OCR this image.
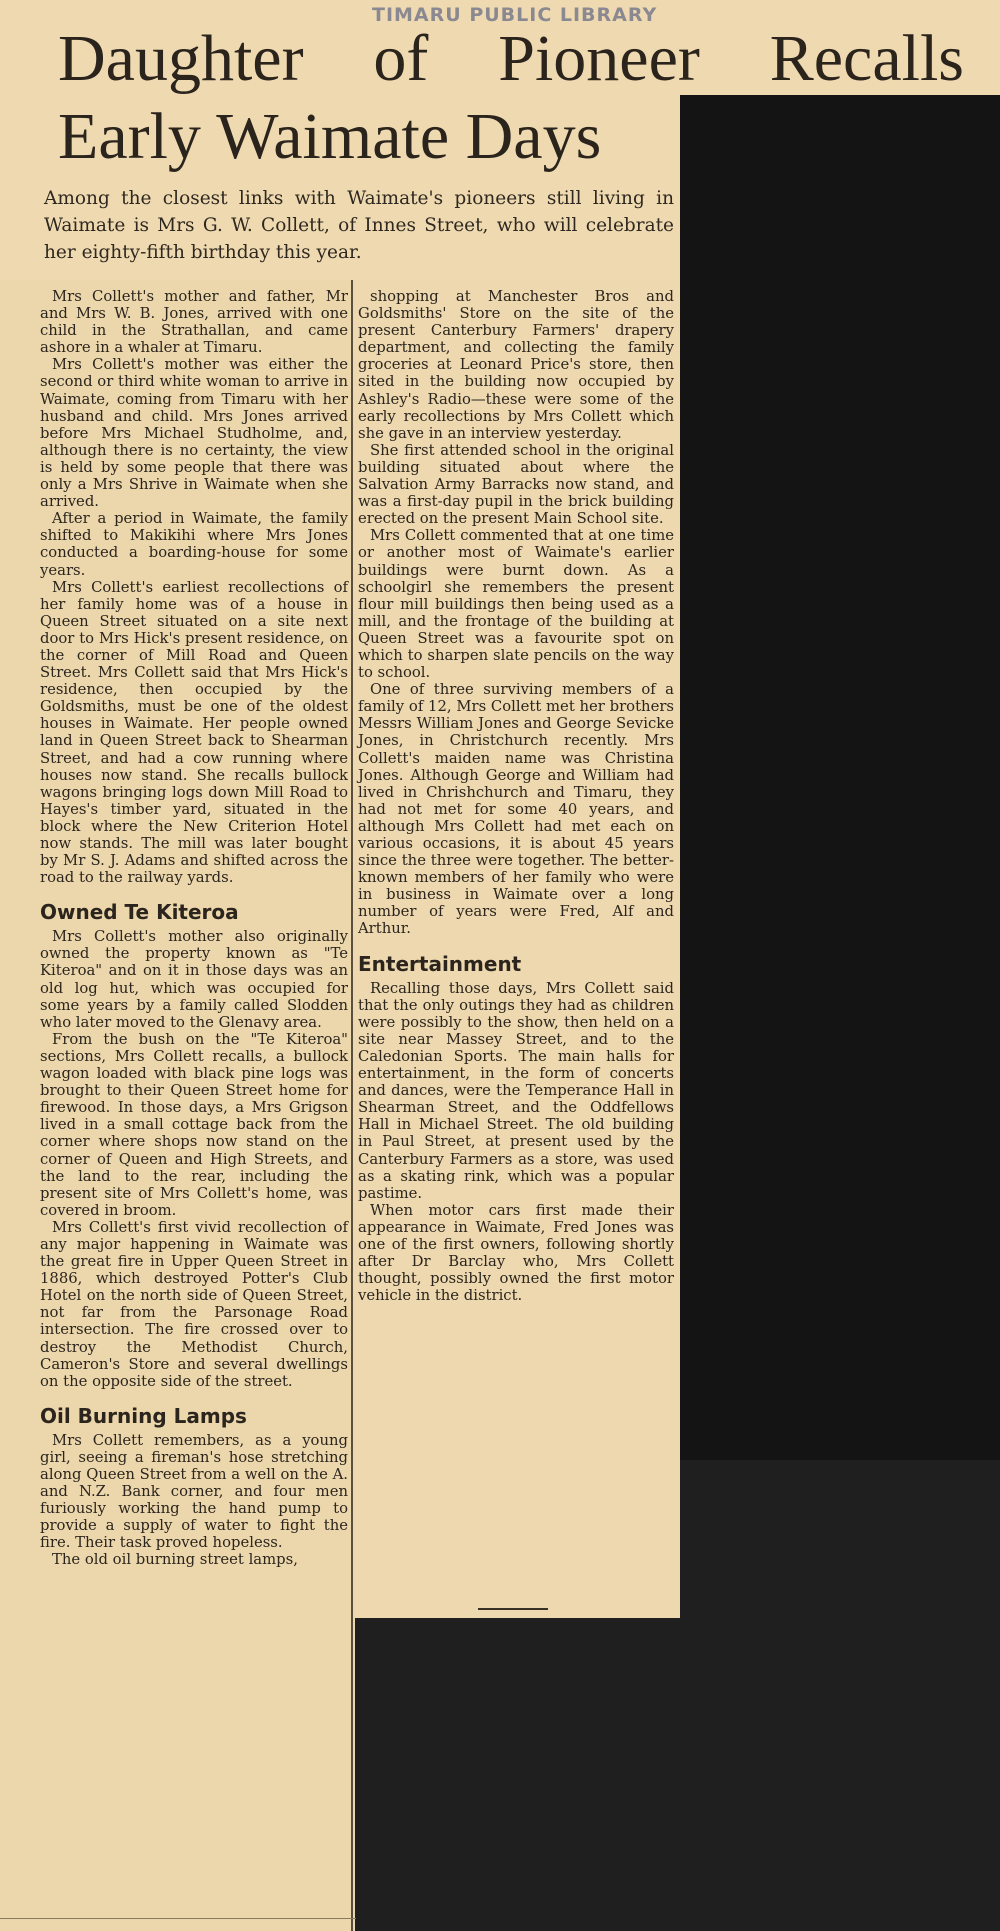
TIMARU PUBLIC LIBRARY

Daughter of Pioneer Recalls
Early Waimate Days

Among the closest links with Waimate's pioneers still living in Waimate is Mrs G. W. Collett, of Innes Street, who will celebrate her eighty-fifth birthday this year.

Mrs Collett's mother and father, Mr and Mrs W. B. Jones, arrived with one child in the Strathallan, and came ashore in a whaler at Timaru.

Mrs Collett's mother was either the second or third white woman to arrive in Waimate, coming from Timaru with her husband and child. Mrs Jones arrived before Mrs Michael Studholme, and, although there is no certainty, the view is held by some people that there was only a Mrs Shrive in Waimate when she arrived.

After a period in Waimate, the family shifted to Makikihi where Mrs Jones conducted a boarding-house for some years.

Mrs Collett's earliest recollections of her family home was of a house in Queen Street situated on a site next door to Mrs Hick's present residence, on the corner of Mill Road and Queen Street. Mrs Collett said that Mrs Hick's residence, then occupied by the Goldsmiths, must be one of the oldest houses in Waimate. Her people owned land in Queen Street back to Shearman Street, and had a cow running where houses now stand. She recalls bullock wagons bringing logs down Mill Road to Hayes's timber yard, situated in the block where the New Criterion Hotel now stands. The mill was later bought by Mr S. J. Adams and shifted across the road to the railway yards.

Owned Te Kiteroa

Mrs Collett's mother also originally owned the property known as "Te Kiteroa" and on it in those days was an old log hut, which was occupied for some years by a family called Slodden who later moved to the Glenavy area.

From the bush on the "Te Kiteroa" sections, Mrs Collett recalls, a bullock wagon loaded with black pine logs was brought to their Queen Street home for firewood. In those days, a Mrs Grigson lived in a small cottage back from the corner where shops now stand on the corner of Queen and High Streets, and the land to the rear, including the present site of Mrs Collett's home, was covered in broom.

Mrs Collett's first vivid recollection of any major happening in Waimate was the great fire in Upper Queen Street in 1886, which destroyed Potter's Club Hotel on the north side of Queen Street, not far from the Parsonage Road intersection. The fire crossed over to destroy the Methodist Church, Cameron's Store and several dwellings on the opposite side of the street.

Oil Burning Lamps

Mrs Collett remembers, as a young girl, seeing a fireman's hose stretching along Queen Street from a well on the A. and N.Z. Bank corner, and four men furiously working the hand pump to provide a supply of water to fight the fire. Their task proved hopeless.

The old oil burning street lamps,

shopping at Manchester Bros and Goldsmiths' Store on the site of the present Canterbury Farmers' drapery department, and collecting the family groceries at Leonard Price's store, then sited in the building now occupied by Ashley's Radio—these were some of the early recollections by Mrs Collett which she gave in an interview yesterday.

She first attended school in the original building situated about where the Salvation Army Barracks now stand, and was a first-day pupil in the brick building erected on the present Main School site.

Mrs Collett commented that at one time or another most of Waimate's earlier buildings were burnt down. As a schoolgirl she remembers the present flour mill buildings then being used as a mill, and the frontage of the building at Queen Street was a favourite spot on which to sharpen slate pencils on the way to school.

One of three surviving members of a family of 12, Mrs Collett met her brothers Messrs William Jones and George Sevicke Jones, in Christchurch recently. Mrs Collett's maiden name was Christina Jones. Although George and William had lived in Chrishchurch and Timaru, they had not met for some 40 years, and although Mrs Collett had met each on various occasions, it is about 45 years since the three were together. The better-known members of her family who were in business in Waimate over a long number of years were Fred, Alf and Arthur.

Entertainment

Recalling those days, Mrs Collett said that the only outings they had as children were possibly to the show, then held on a site near Massey Street, and to the Caledonian Sports. The main halls for entertainment, in the form of concerts and dances, were the Temperance Hall in Shearman Street, and the Oddfellows Hall in Michael Street. The old building in Paul Street, at present used by the Canterbury Farmers as a store, was used as a skating rink, which was a popular pastime.

When motor cars first made their appearance in Waimate, Fred Jones was one of the first owners, following shortly after Dr Barclay who, Mrs Collett thought, possibly owned the first motor vehicle in the district.
